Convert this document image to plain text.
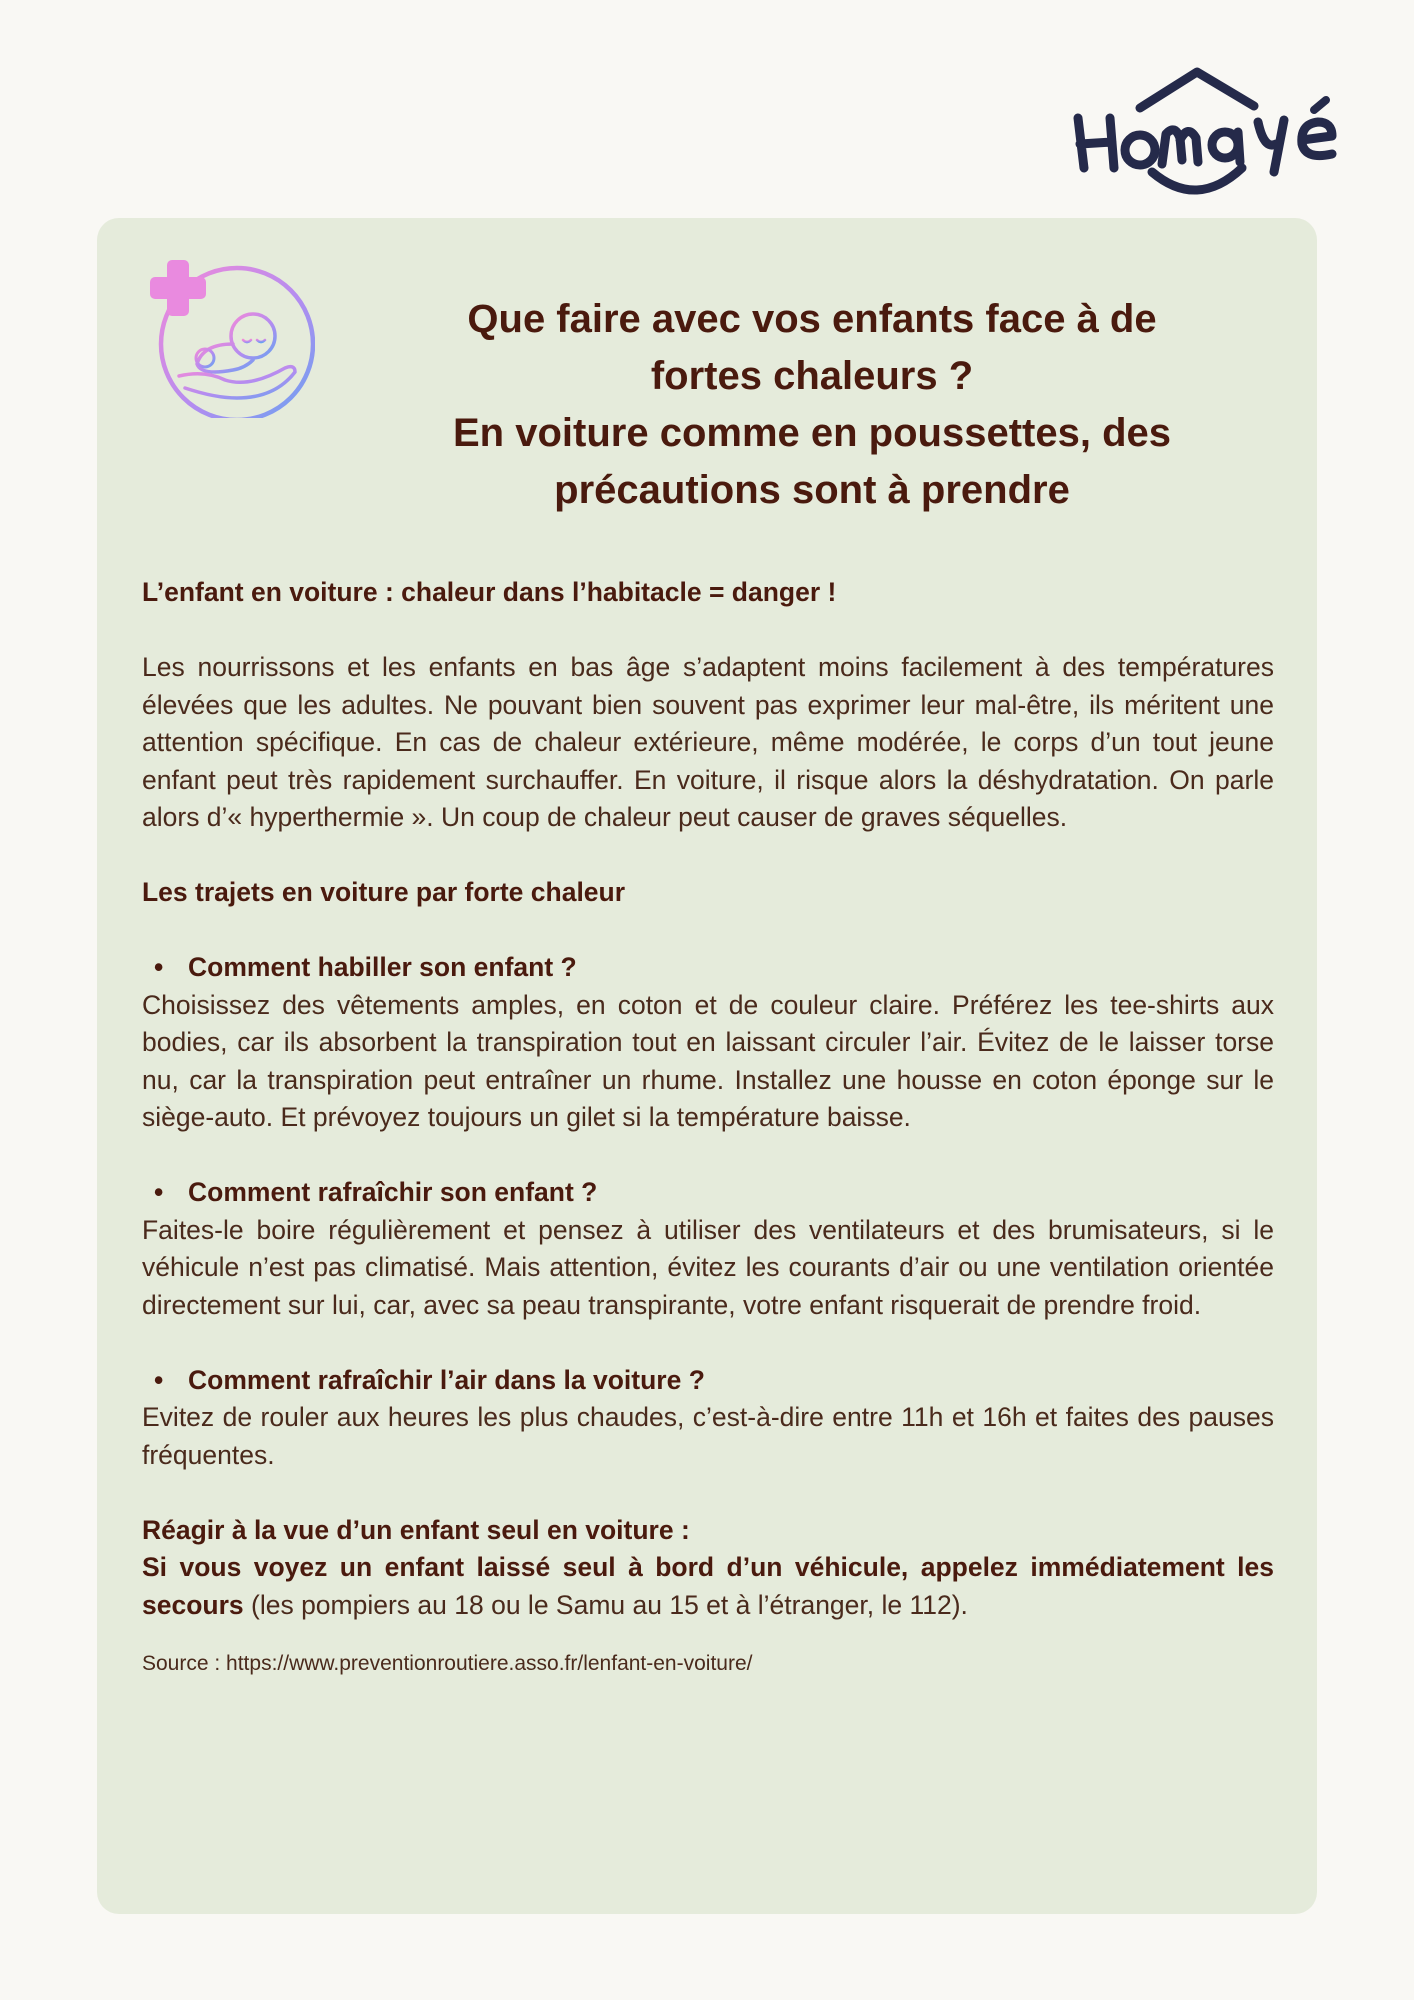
Que faire avec vos enfants face à de
fortes chaleurs ?
En voiture comme en poussettes, des
précautions sont à prendre

L’enfant en voiture : chaleur dans l’habitacle = danger !

Les nourrissons et les enfants en bas âge s’adaptent moins facilement à des températures élevées que les adultes. Ne pouvant bien souvent pas exprimer leur mal-être, ils méritent une attention spécifique. En cas de chaleur extérieure, même modérée, le corps d’un tout jeune enfant peut très rapidement surchauffer. En voiture, il risque alors la déshydratation. On parle alors d’« hyperthermie ». Un coup de chaleur peut causer de graves séquelles.

Les trajets en voiture par forte chaleur

• Comment habiller son enfant ?

Choisissez des vêtements amples, en coton et de couleur claire. Préférez les tee-shirts aux bodies, car ils absorbent la transpiration tout en laissant circuler l’air. Évitez de le laisser torse nu, car la transpiration peut entraîner un rhume. Installez une housse en coton éponge sur le siège-auto. Et prévoyez toujours un gilet si la température baisse.

• Comment rafraîchir son enfant ?

Faites-le boire régulièrement et pensez à utiliser des ventilateurs et des brumisateurs, si le véhicule n’est pas climatisé. Mais attention, évitez les courants d’air ou une ventilation orientée directement sur lui, car, avec sa peau transpirante, votre enfant risquerait de prendre froid.

• Comment rafraîchir l’air dans la voiture ?

Evitez de rouler aux heures les plus chaudes, c’est-à-dire entre 11h et 16h et faites des pauses fréquentes.

Réagir à la vue d’un enfant seul en voiture :

Si vous voyez un enfant laissé seul à bord d’un véhicule, appelez immédiatement les secours (les pompiers au 18 ou le Samu au 15 et à l’étranger, le 112).

Source : https://www.preventionroutiere.asso.fr/lenfant-en-voiture/
